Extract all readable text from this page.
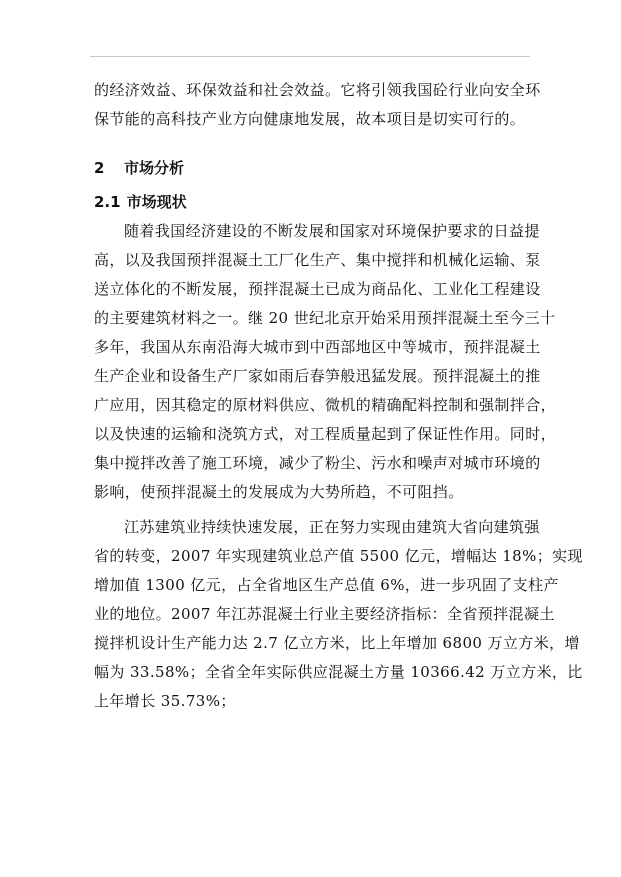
的经济效益、环保效益和社会效益。它将引领我国砼行业向安全环
保节能的高科技产业方向健康地发展，故本项目是切实可行的。
2 市场分析
2.1 市场现状
随着我国经济建设的不断发展和国家对环境保护要求的日益提
高，以及我国预拌混凝土工厂化生产、集中搅拌和机械化运输、泵
送立体化的不断发展，预拌混凝土已成为商品化、工业化工程建设
的主要建筑材料之一。继 20 世纪北京开始采用预拌混凝土至今三十
多年，我国从东南沿海大城市到中西部地区中等城市，预拌混凝土
生产企业和设备生产厂家如雨后春笋般迅猛发展。预拌混凝土的推
广应用，因其稳定的原材料供应、微机的精确配料控制和强制拌合，
以及快速的运输和浇筑方式，对工程质量起到了保证性作用。同时，
集中搅拌改善了施工环境，减少了粉尘、污水和噪声对城市环境的
影响，使预拌混凝土的发展成为大势所趋，不可阻挡。
江苏建筑业持续快速发展，正在努力实现由建筑大省向建筑强
省的转变，2007 年实现建筑业总产值 5500 亿元，增幅达 18%；实现
增加值 1300 亿元，占全省地区生产总值 6%，进一步巩固了支柱产
业的地位。2007 年江苏混凝土行业主要经济指标：全省预拌混凝土
搅拌机设计生产能力达 2.7 亿立方米，比上年增加 6800 万立方米，增
幅为 33.58%；全省全年实际供应混凝土方量 10366.42 万立方米，比
上年增长 35.73%；
